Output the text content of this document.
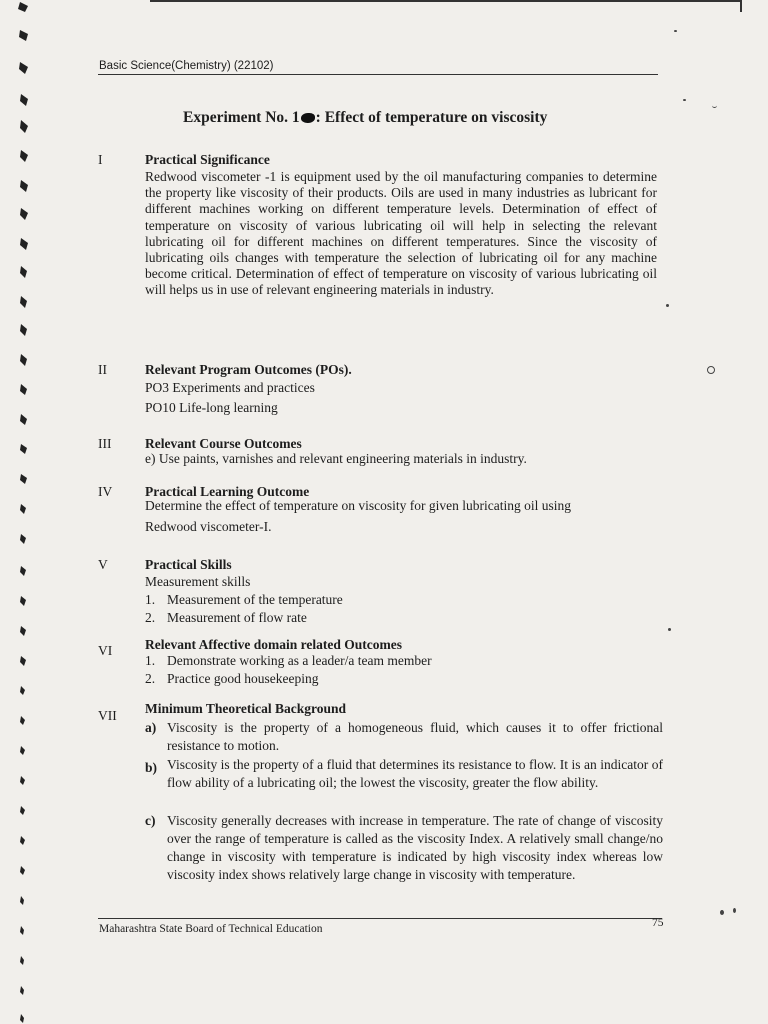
Basic Science(Chemistry) (22102)
Experiment No. 1 : Effect of temperature on viscosity
I	Practical Significance
Redwood viscometer -1 is equipment used by the oil manufacturing companies to determine the property like viscosity of their products. Oils are used in many industries as lubricant for different machines working on different temperature levels. Determination of effect of temperature on viscosity of various lubricating oil will help in selecting the relevant lubricating oil for different machines on different temperatures. Since the viscosity of lubricating oils changes with temperature the selection of lubricating oil for any machine become critical. Determination of effect of temperature on viscosity of various lubricating oil will helps us in use of relevant engineering materials in industry.
II	Relevant Program Outcomes (POs).
PO3 Experiments and practices
PO10 Life-long learning
III Relevant Course Outcomes
e) Use paints, varnishes and relevant engineering materials in industry.
IV Practical Learning Outcome
Determine the effect of temperature on viscosity for given lubricating oil using
Redwood viscometer-I.
V	Practical Skills
Measurement skills
1. Measurement of the temperature
2. Measurement of flow rate
VI Relevant Affective domain related Outcomes
1. Demonstrate working as a leader/a team member
2. Practice good housekeeping
VII Minimum Theoretical Background
a) Viscosity is the property of a homogeneous fluid, which causes it to offer frictional resistance to motion.
b) Viscosity is the property of a fluid that determines its resistance to flow. It is an indicator of flow ability of a lubricating oil; the lowest the viscosity, greater the flow ability.
c) Viscosity generally decreases with increase in temperature. The rate of change of viscosity over the range of temperature is called as the viscosity Index. A relatively small change/no change in viscosity with temperature is indicated by high viscosity index whereas low viscosity index shows relatively large change in viscosity with temperature.
Maharashtra State Board of Technical Education	75
